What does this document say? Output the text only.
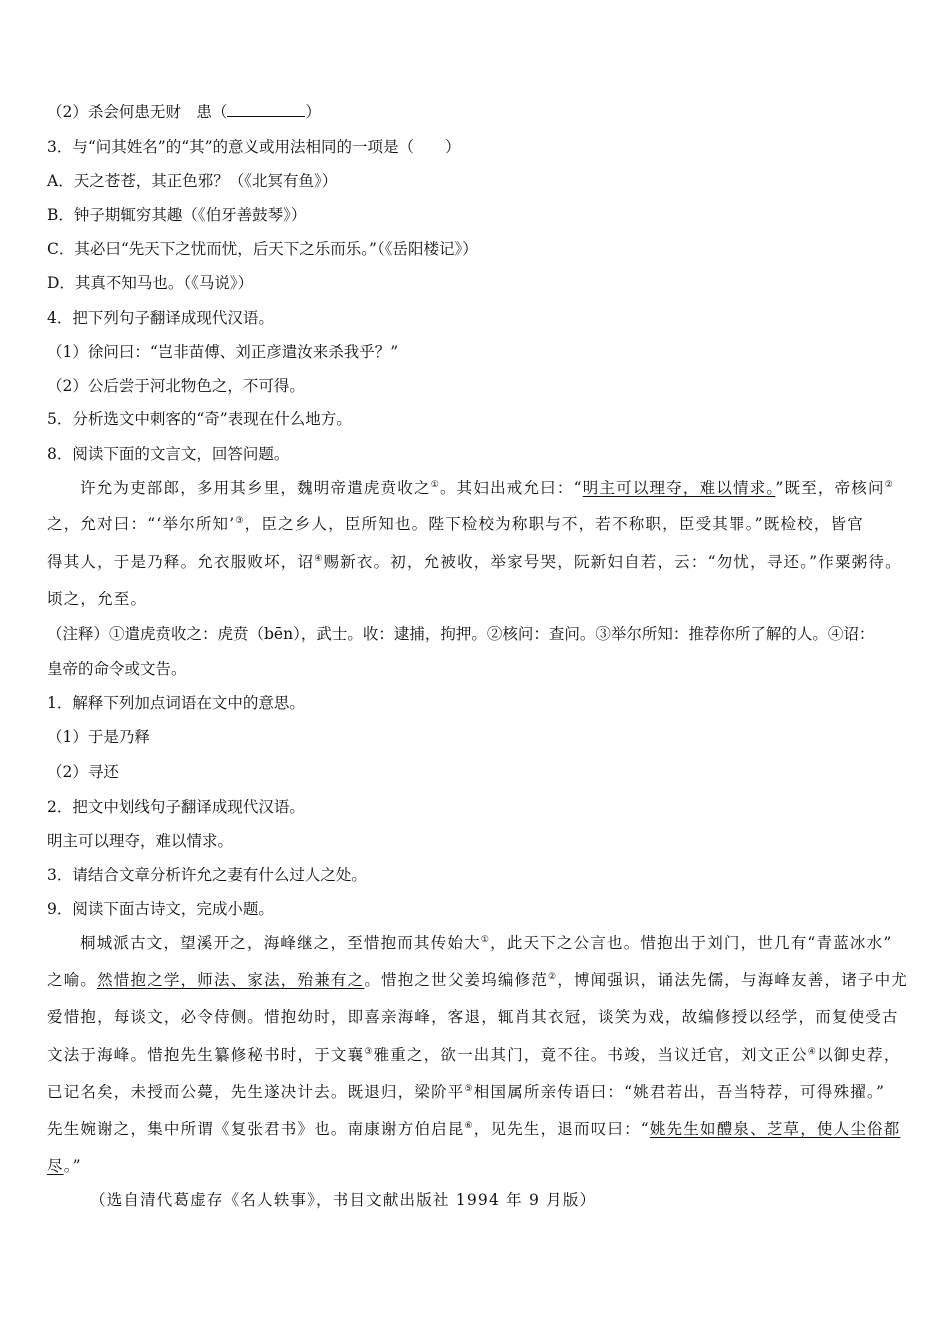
（2）杀会何患无财　患（	）
3．与“问其姓名”的“其”的意义或用法相同的一项是（　　）
A．天之苍苍，其正色邪？（《北冥有鱼》）
B．钟子期辄穷其趣（《伯牙善鼓琴》）
C．其必曰“先天下之忧而忧，后天下之乐而乐。”（《岳阳楼记》）
D．其真不知马也。（《马说》）
4．把下列句子翻译成现代汉语。
（1）徐问曰：“岂非苗傅、刘正彦遣汝来杀我乎？”
（2）公后尝于河北物色之，不可得。
5．分析选文中刺客的“奇”表现在什么地方。
8．阅读下面的文言文，回答问题。
许允为吏部郎，多用其乡里，魏明帝遣虎贲收之①。其妇出戒允曰：“明主可以理夺，难以情求。”既至，帝核问②
之，允对曰：“‘举尔所知’③，臣之乡人，臣所知也。陛下检校为称职与不，若不称职，臣受其罪。”既检校，皆官
得其人，于是乃释。允衣服败坏，诏④赐新衣。初，允被收，举家号哭，阮新妇自若，云：“勿忧，寻还。”作粟粥待。
顷之，允至。
（注释）①遣虎贲收之：虎贲（bēn），武士。收：逮捕，拘押。②核问：查问。③举尔所知：推荐你所了解的人。④诏：
皇帝的命令或文告。
1．解释下列加点词语在文中的意思。
（1）于是乃释
（2）寻还
2．把文中划线句子翻译成现代汉语。
明主可以理夺，难以情求。
3．请结合文章分析许允之妻有什么过人之处。
9．阅读下面古诗文，完成小题。
桐城派古文，望溪开之，海峰继之，至惜抱而其传始大①，此天下之公言也。惜抱出于刘门，世几有“青蓝冰水”
之喻。然惜抱之学，师法、家法，殆兼有之。惜抱之世父姜坞编修范②，博闻强识，诵法先儒，与海峰友善，诸子中尤
爱惜抱，每谈文，必令侍侧。惜抱幼时，即喜亲海峰，客退，辄肖其衣冠，谈笑为戏，故编修授以经学，而复使受古
文法于海峰。惜抱先生纂修秘书时，于文襄③雅重之，欲一出其门，竟不往。书竣，当议迁官，刘文正公④以御史荐，
已记名矣，未授而公薨，先生遂决计去。既退归，梁阶平⑤相国属所亲传语曰：“姚君若出，吾当特荐，可得殊擢。”
先生婉谢之，集中所谓《复张君书》也。南康谢方伯启昆⑥，见先生，退而叹曰：“姚先生如醴泉、芝草，使人尘俗都
尽。”
（选自清代葛虚存《名人轶事》，书目文献出版社 1994 年 9 月版）
